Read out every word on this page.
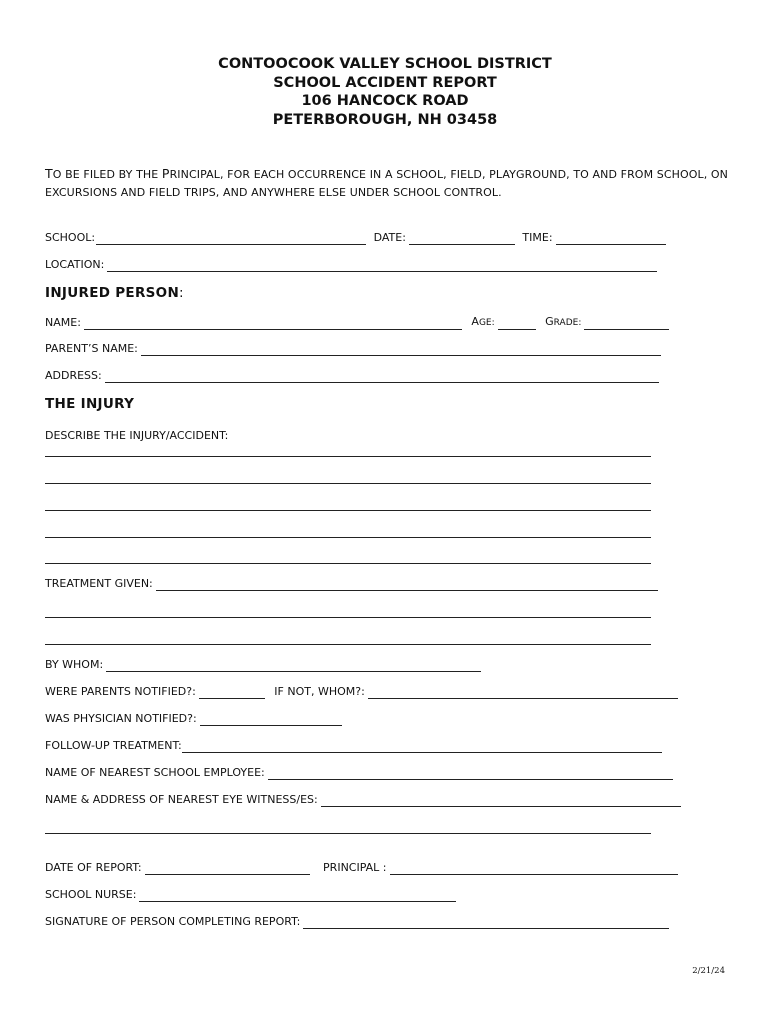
CONTOOCOOK VALLEY SCHOOL DISTRICT
SCHOOL ACCIDENT REPORT
106 HANCOCK ROAD
PETERBOROUGH, NH 03458
TO BE FILED BY THE PRINCIPAL, FOR EACH OCCURRENCE IN A SCHOOL, FIELD, PLAYGROUND, TO AND FROM SCHOOL, ON EXCURSIONS AND FIELD TRIPS, AND ANYWHERE ELSE UNDER SCHOOL CONTROL.
SCHOOL:	DATE:	TIME:
LOCATION:
INJURED PERSON:
NAME:	AGE:	GRADE:
PARENT’S NAME:
ADDRESS:
THE INJURY
DESCRIBE THE INJURY/ACCIDENT:
TREATMENT GIVEN:
BY WHOM:
WERE PARENTS NOTIFIED?:	IF NOT, WHOM?:
WAS PHYSICIAN NOTIFIED?:
FOLLOW-UP TREATMENT:
NAME OF NEAREST SCHOOL EMPLOYEE:
NAME & ADDRESS OF NEAREST EYE WITNESS/ES:
DATE OF REPORT:	PRINCIPAL :
SCHOOL NURSE:
SIGNATURE OF PERSON COMPLETING REPORT:
2/21/24
